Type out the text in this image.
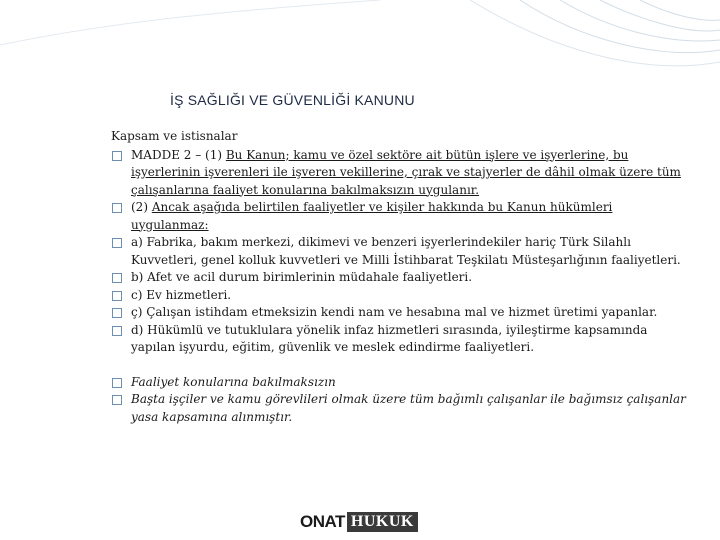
İŞ SAĞLIĞI VE GÜVENLİĞİ KANUNU

Kapsam ve istisnalar

MADDE 2 – (1) Bu Kanun; kamu ve özel sektöre ait bütün işlere ve işyerlerine, bu işyerlerinin işverenleri ile işveren vekillerine, çırak ve stajyerler de dâhil olmak üzere tüm çalışanlarına faaliyet konularına bakılmaksızın uygulanır.

(2) Ancak aşağıda belirtilen faaliyetler ve kişiler hakkında bu Kanun hükümleri uygulanmaz:

a) Fabrika, bakım merkezi, dikimevi ve benzeri işyerlerindekiler hariç Türk Silahlı Kuvvetleri, genel kolluk kuvvetleri ve Milli İstihbarat Teşkilatı Müsteşarlığının faaliyetleri.

b) Afet ve acil durum birimlerinin müdahale faaliyetleri.

c) Ev hizmetleri.

ç) Çalışan istihdam etmeksizin kendi nam ve hesabına mal ve hizmet üretimi yapanlar.

d) Hükümlü ve tutuklulara yönelik infaz hizmetleri sırasında, iyileştirme kapsamında yapılan işyurdu, eğitim, güvenlik ve meslek edindirme faaliyetleri.

Faaliyet konularına bakılmaksızın

Başta işçiler ve kamu görevlileri olmak üzere tüm bağımlı çalışanlar ile bağımsız çalışanlar yasa kapsamına alınmıştır.

ONAT HUKUK
